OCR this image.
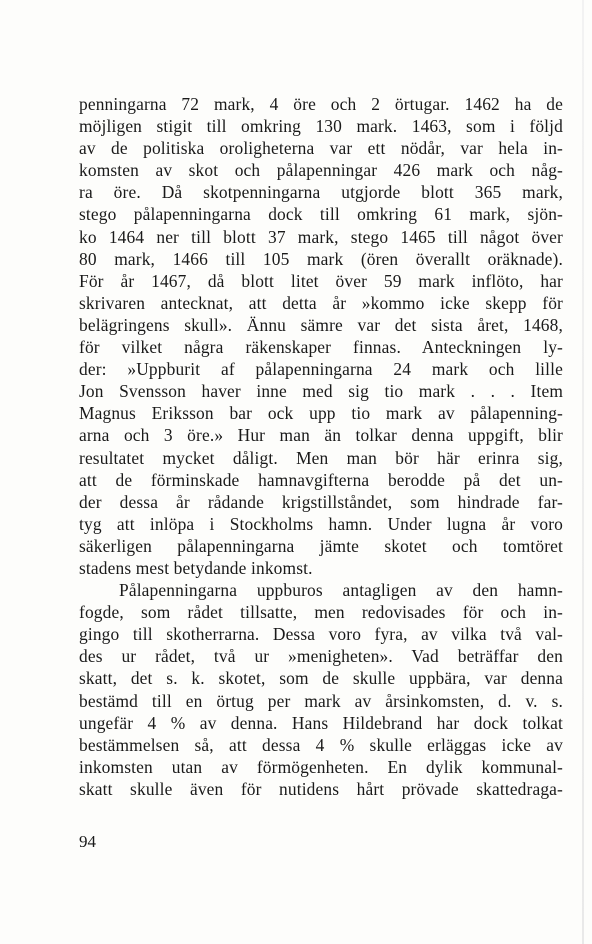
penningarna 72 mark, 4 öre och 2 örtugar. 1462 ha de
möjligen stigit till omkring 130 mark. 1463, som i följd
av de politiska oroligheterna var ett nödår, var hela in-
komsten av skot och pålapenningar 426 mark och någ-
ra öre. Då skotpenningarna utgjorde blott 365 mark,
stego pålapenningarna dock till omkring 61 mark, sjön-
ko 1464 ner till blott 37 mark, stego 1465 till något över
80 mark, 1466 till 105 mark (ören överallt oräknade).
För år 1467, då blott litet över 59 mark inflöto, har
skrivaren antecknat, att detta år »kommo icke skepp för
belägringens skull». Ännu sämre var det sista året, 1468,
för vilket några räkenskaper finnas. Anteckningen ly-
der: »Uppburit af pålapenningarna 24 mark och lille
Jon Svensson haver inne med sig tio mark . . . Item
Magnus Eriksson bar ock upp tio mark av pålapenning-
arna och 3 öre.» Hur man än tolkar denna uppgift, blir
resultatet mycket dåligt. Men man bör här erinra sig,
att de förminskade hamnavgifterna berodde på det un-
der dessa år rådande krigstillståndet, som hindrade far-
tyg att inlöpa i Stockholms hamn. Under lugna år voro
säkerligen pålapenningarna jämte skotet och tomtöret
stadens mest betydande inkomst.
Pålapenningarna uppburos antagligen av den hamn-
fogde, som rådet tillsatte, men redovisades för och in-
gingo till skotherrarna. Dessa voro fyra, av vilka två val-
des ur rådet, två ur »menigheten». Vad beträffar den
skatt, det s. k. skotet, som de skulle uppbära, var denna
bestämd till en örtug per mark av årsinkomsten, d. v. s.
ungefär 4 % av denna. Hans Hildebrand har dock tolkat
bestämmelsen så, att dessa 4 % skulle erläggas icke av
inkomsten utan av förmögenheten. En dylik kommunal-
skatt skulle även för nutidens hårt prövade skattedraga-
94
